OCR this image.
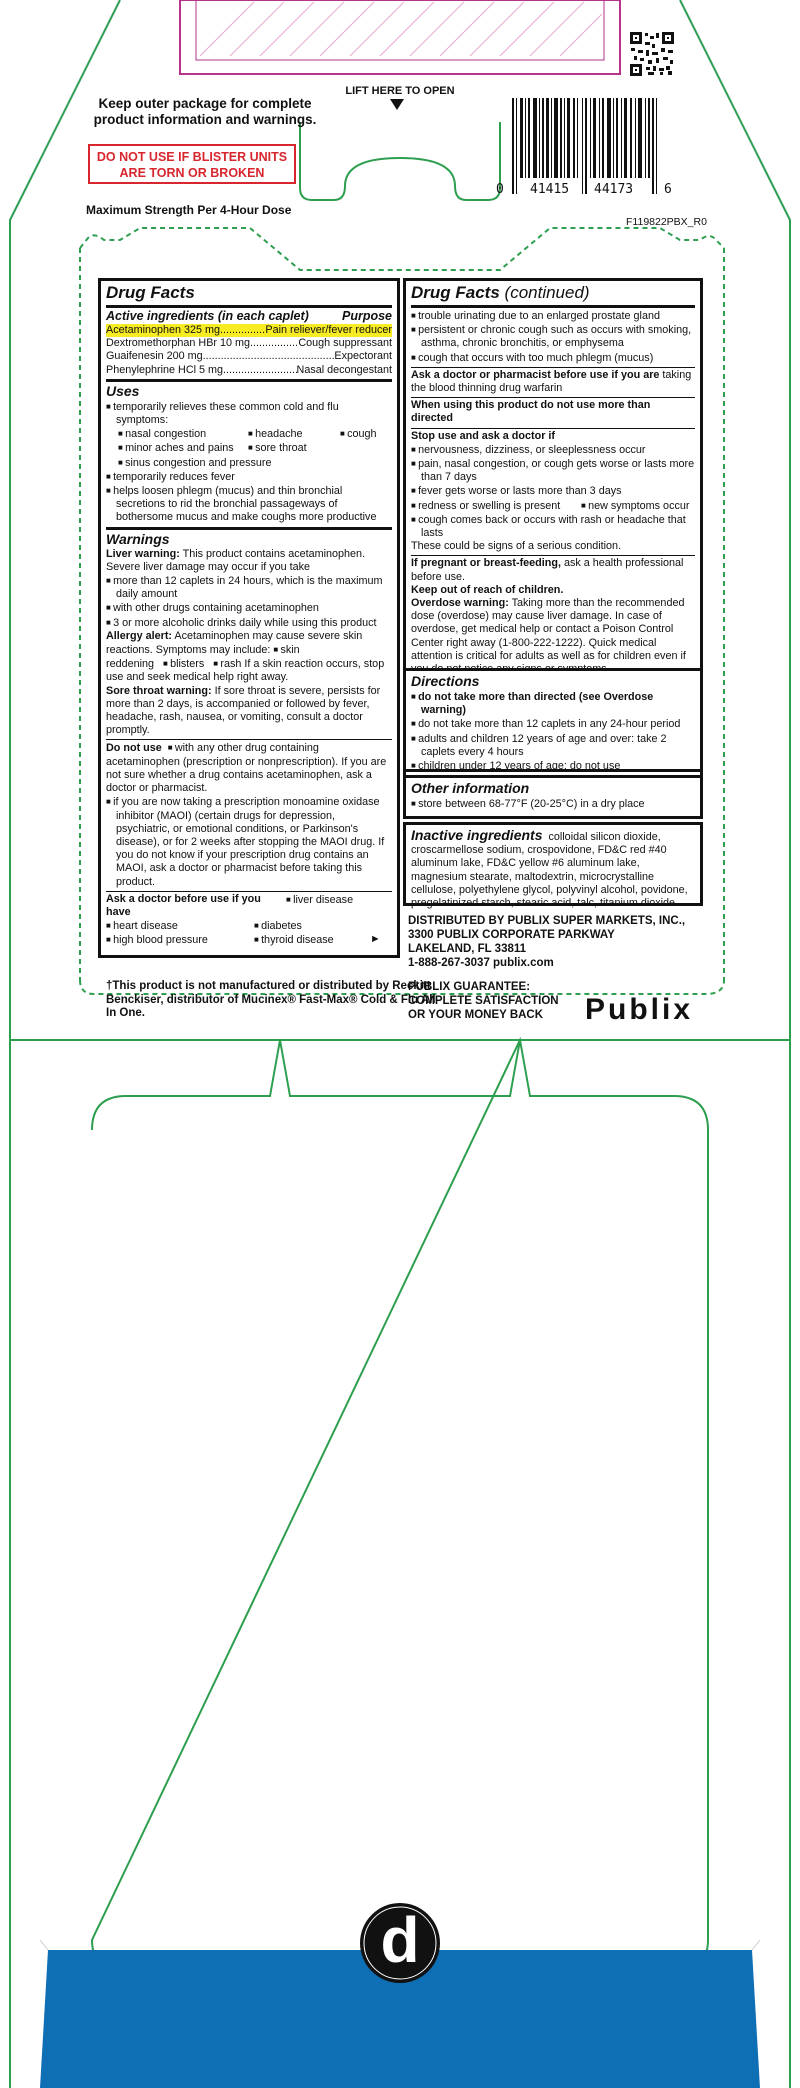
Keep outer package for complete product information and warnings.
DO NOT USE IF BLISTER UNITS ARE TORN OR BROKEN
Maximum Strength Per 4-Hour Dose
LIFT HERE TO OPEN
0 41415 44173 6
F119822PBX_R0
Drug Facts
Active ingredients (in each caplet)	Purpose
Acetaminophen 325 mg .....	Pain reliever/fever reducer
Dextromethorphan HBr 10 mg .....	Cough suppressant
Guaifenesin 200 mg .....	Expectorant
Phenylephrine HCl 5 mg .....	Nasal decongestant
Uses
■ temporarily relieves these common cold and flu symptoms:
■ nasal congestion	■ headache	■ cough
■ minor aches and pains	■ sore throat
■ sinus congestion and pressure
■ temporarily reduces fever
■ helps loosen phlegm (mucus) and thin bronchial secretions to rid the bronchial passageways of bothersome mucus and make coughs more productive
Warnings
Liver warning: This product contains acetaminophen. Severe liver damage may occur if you take
■ more than 12 caplets in 24 hours, which is the maximum daily amount
■ with other drugs containing acetaminophen
■ 3 or more alcoholic drinks daily while using this product
Allergy alert: Acetaminophen may cause severe skin reactions. Symptoms may include: ■ skin reddening ■ blisters ■ rash If a skin reaction occurs, stop use and seek medical help right away.
Sore throat warning: If sore throat is severe, persists for more than 2 days, is accompanied or followed by fever, headache, rash, nausea, or vomiting, consult a doctor promptly.
Do not use ■ with any other drug containing acetaminophen (prescription or nonprescription). If you are not sure whether a drug contains acetaminophen, ask a doctor or pharmacist.
■ if you are now taking a prescription monoamine oxidase inhibitor (MAOI) (certain drugs for depression, psychiatric, or emotional conditions, or Parkinson's disease), or for 2 weeks after stopping the MAOI drug. If you do not know if your prescription drug contains an MAOI, ask a doctor or pharmacist before taking this product.
Ask a doctor before use if you have
■ liver disease
■ heart disease	■ diabetes
■ high blood pressure	■ thyroid disease	►
Drug Facts (continued)
■ trouble urinating due to an enlarged prostate gland
■ persistent or chronic cough such as occurs with smoking, asthma, chronic bronchitis, or emphysema
■ cough that occurs with too much phlegm (mucus)
Ask a doctor or pharmacist before use if you are taking the blood thinning drug warfarin
When using this product do not use more than directed
Stop use and ask a doctor if
■ nervousness, dizziness, or sleeplessness occur
■ pain, nasal congestion, or cough gets worse or lasts more than 7 days
■ fever gets worse or lasts more than 3 days
■ redness or swelling is present	■ new symptoms occur
■ cough comes back or occurs with rash or headache that lasts
These could be signs of a serious condition.
If pregnant or breast-feeding, ask a health professional before use.
Keep out of reach of children.
Overdose warning: Taking more than the recommended dose (overdose) may cause liver damage. In case of overdose, get medical help or contact a Poison Control Center right away (1-800-222-1222). Quick medical attention is critical for adults as well as for children even if
Directions
■ do not take more than directed (see Overdose warning)
■ do not take more than 12 caplets in any 24-hour period
■ adults and children 12 years of age and over: take 2 caplets every 4 hours
■ children under 12 years of age: do not use
Other information
■ store between 68-77°F (20-25°C) in a dry place
Inactive ingredients colloidal silicon dioxide, croscarmellose sodium, crospovidone, FD&C red #40 aluminum lake, FD&C yellow #6 aluminum lake, magnesium stearate, maltodextrin, microcrystalline cellulose, polyethylene glycol, polyvinyl alcohol, povidone, pregelatinized starch, stearic acid, talc, titanium dioxide
DISTRIBUTED BY PUBLIX SUPER MARKETS, INC.,
3300 PUBLIX CORPORATE PARKWAY
LAKELAND, FL 33811
1-888-267-3037 publix.com
PUBLIX GUARANTEE:
COMPLETE SATISFACTION
OR YOUR MONEY BACK	Publix
†This product is not manufactured or distributed by Reckitt Benckiser, distributor of Mucinex® Fast-Max® Cold & Flu All In One.
d
